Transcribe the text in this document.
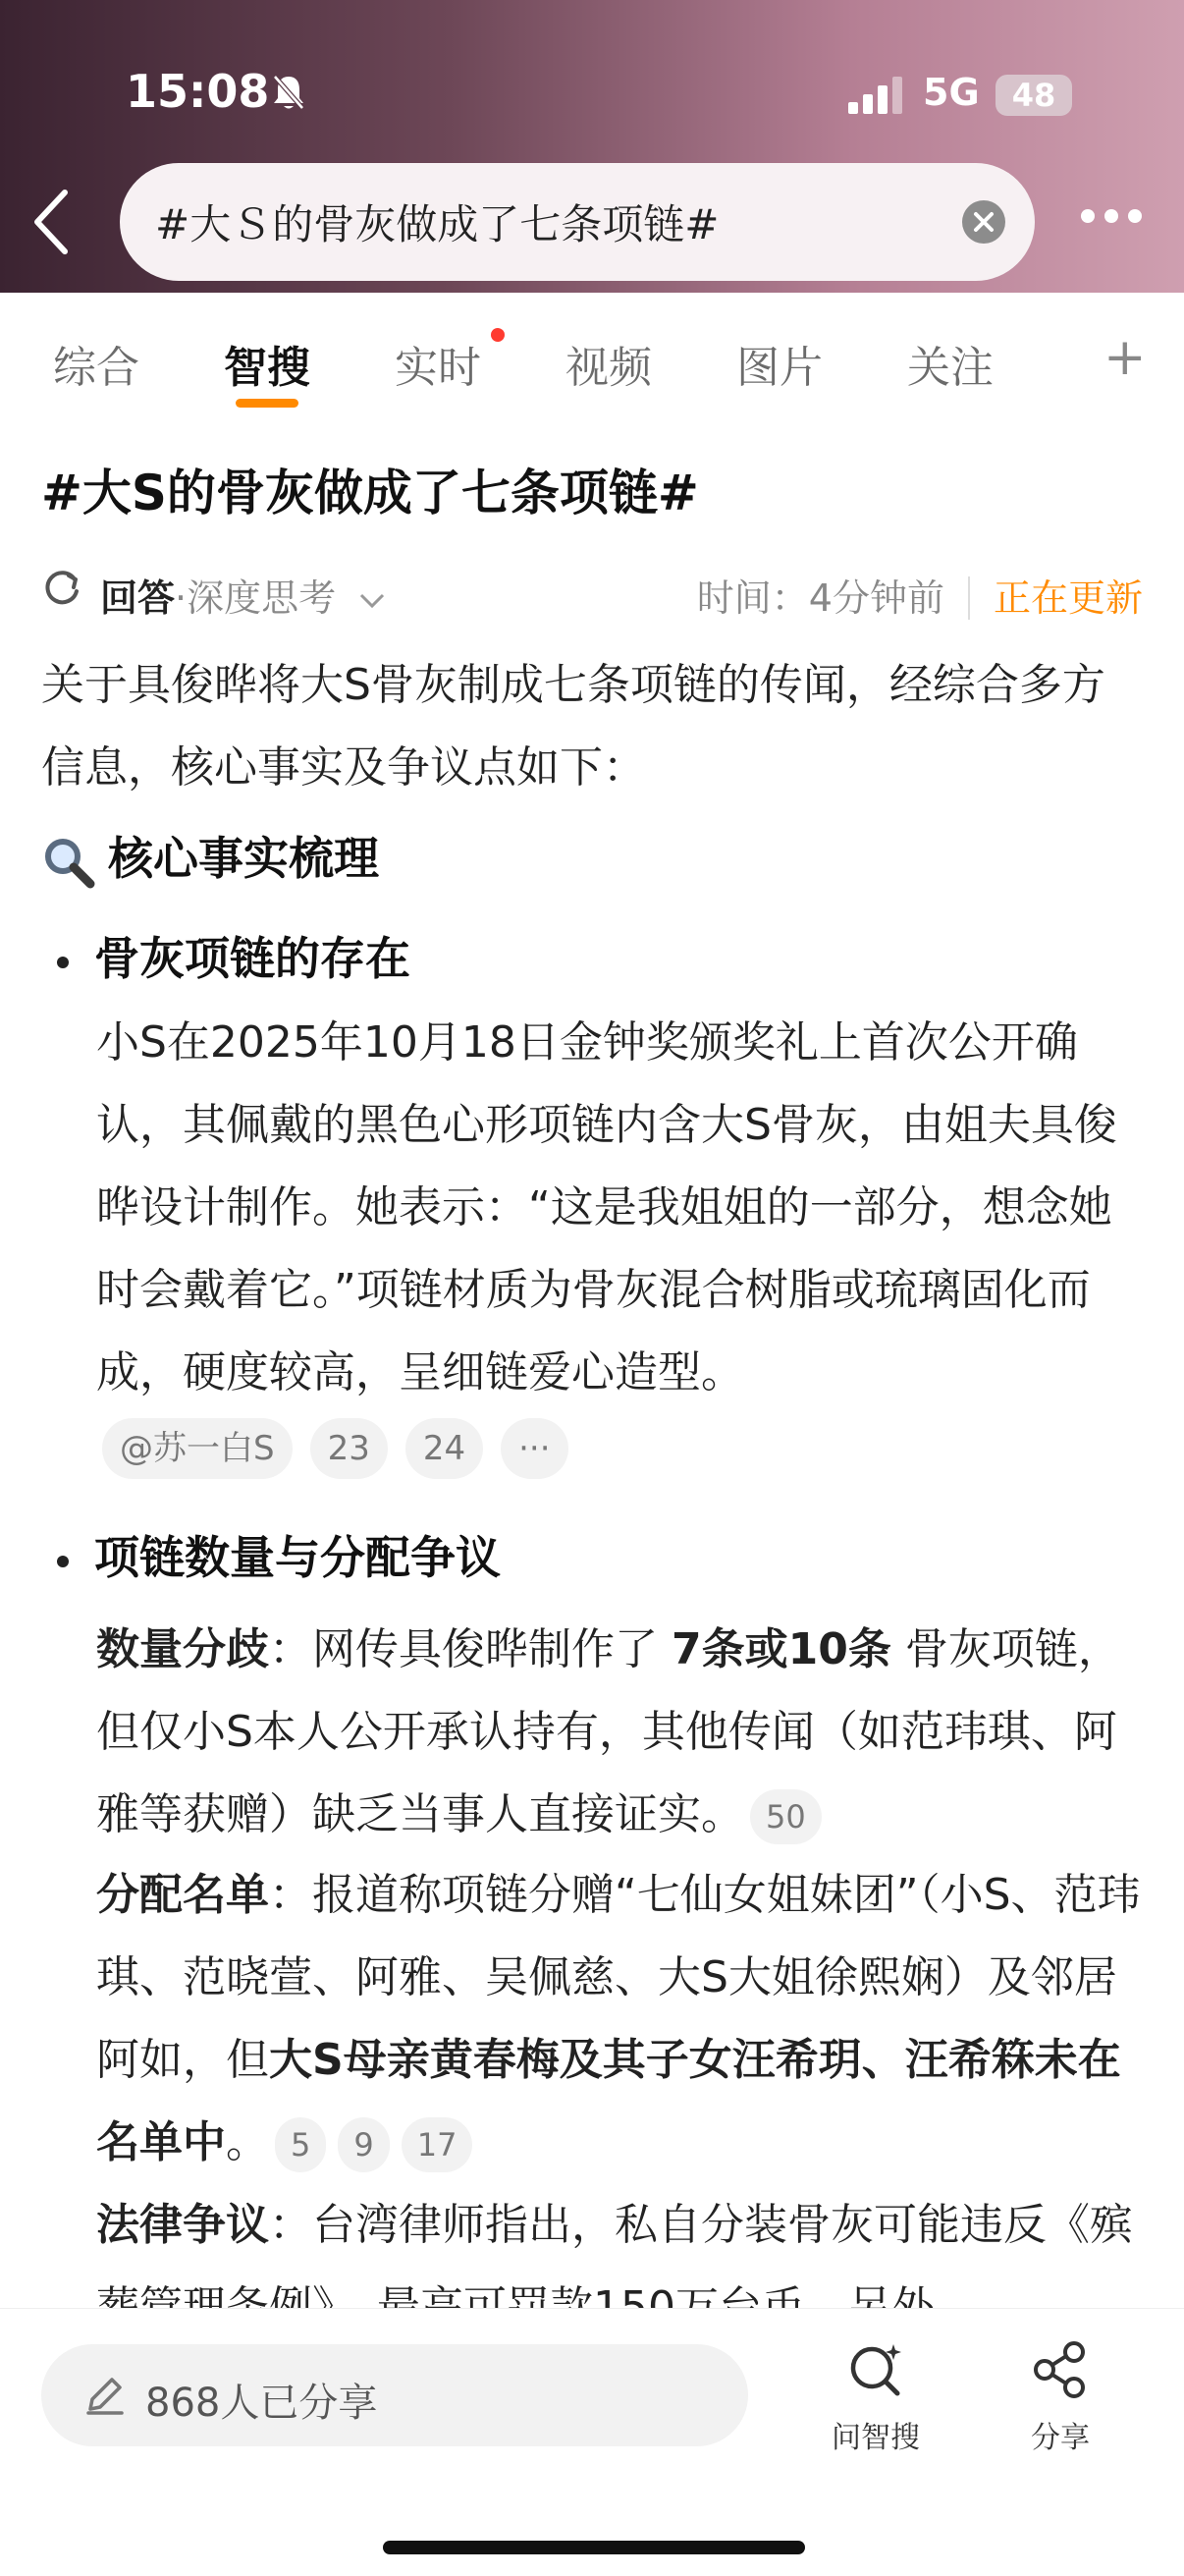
15:08	5G	48
#大Ｓ的骨灰做成了七条项链#
综合 智搜 实时 视频 图片 关注 +
#大S的骨灰做成了七条项链#
回答·深度思考	时间：4分钟前 正在更新
关于具俊晔将大S骨灰制成七条项链的传闻，经综合多方信息，核心事实及争议点如下：
核心事实梳理
骨灰项链的存在
小S在2025年10月18日金钟奖颁奖礼上首次公开确认，其佩戴的黑色心形项链内含大S骨灰，由姐夫具俊晔设计制作。她表示：“这是我姐姐的一部分，想念她时会戴着它。”项链材质为骨灰混合树脂或琉璃固化而成，硬度较高，呈细链爱心造型。
@苏一白S 23 24 ···
项链数量与分配争议
数量分歧：网传具俊晔制作了 7条或10条 骨灰项链，但仅小S本人公开承认持有，其他传闻（如范玮琪、阿雅等获赠）缺乏当事人直接证实。 50
分配名单：报道称项链分赠“七仙女姐妹团”（小S、范玮琪、范晓萱、阿雅、吴佩慈、大S大姐徐熙娴）及邻居阿如，但大S母亲黄春梅及其子女汪希玥、汪希箖未在名单中。 5 9 17
法律争议：台湾律师指出，私自分装骨灰可能违反《殡
868人已分享
问智搜	分享
